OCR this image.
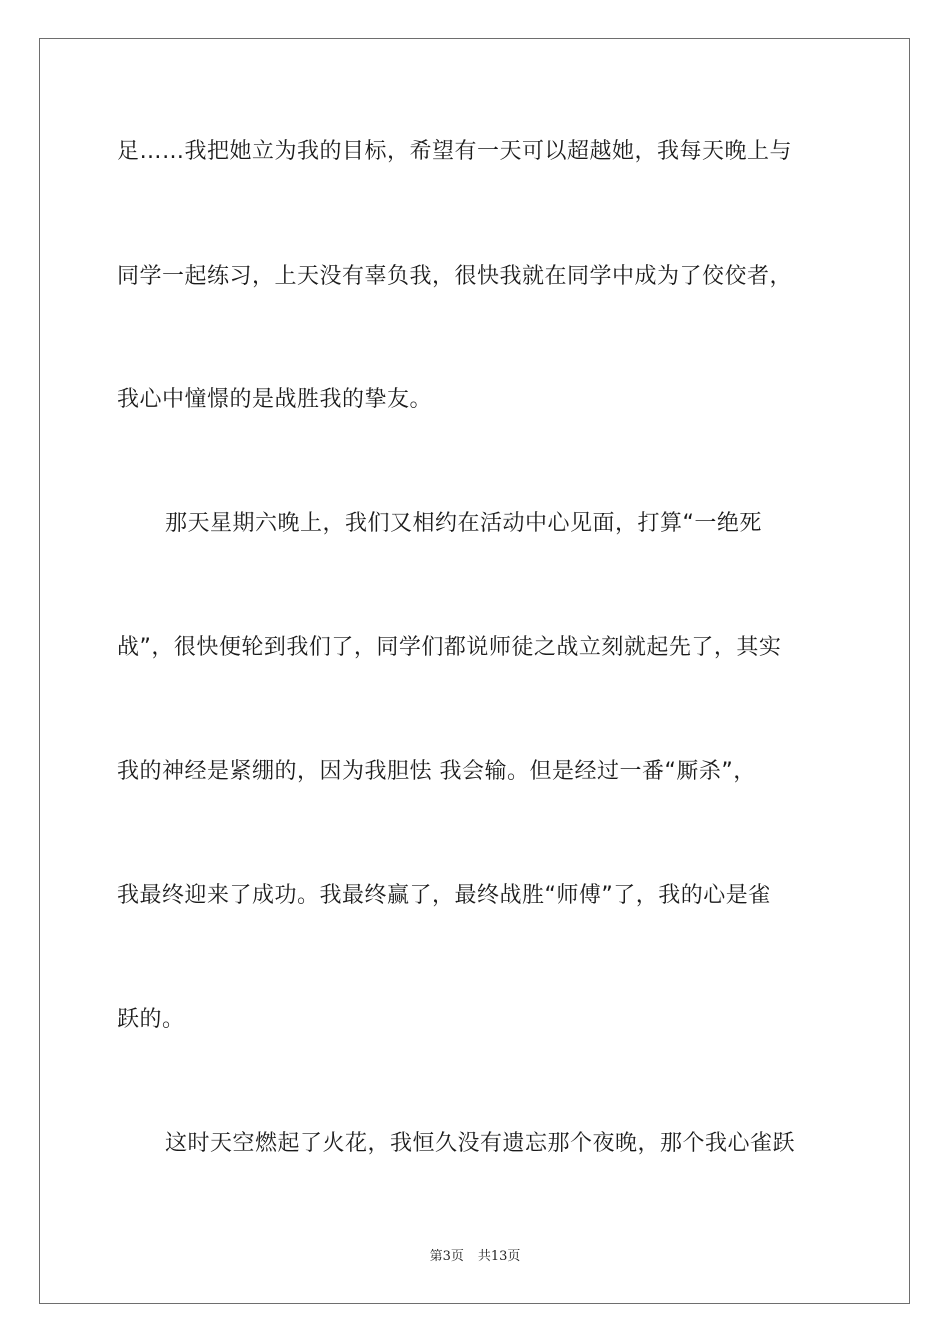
足……我把她立为我的目标，希望有一天可以超越她，我每天晚上与
同学一起练习，上天没有辜负我，很快我就在同学中成为了佼佼者，
我心中憧憬的是战胜我的挚友。
那天星期六晚上，我们又相约在活动中心见面，打算“一绝死
战”，很快便轮到我们了，同学们都说师徒之战立刻就起先了，其实
我的神经是紧绷的，因为我胆怯 我会输。但是经过一番“厮杀”，
我最终迎来了成功。我最终赢了，最终战胜“师傅”了，我的心是雀
跃的。
这时天空燃起了火花，我恒久没有遗忘那个夜晚，那个我心雀跃
第3页 共13页
